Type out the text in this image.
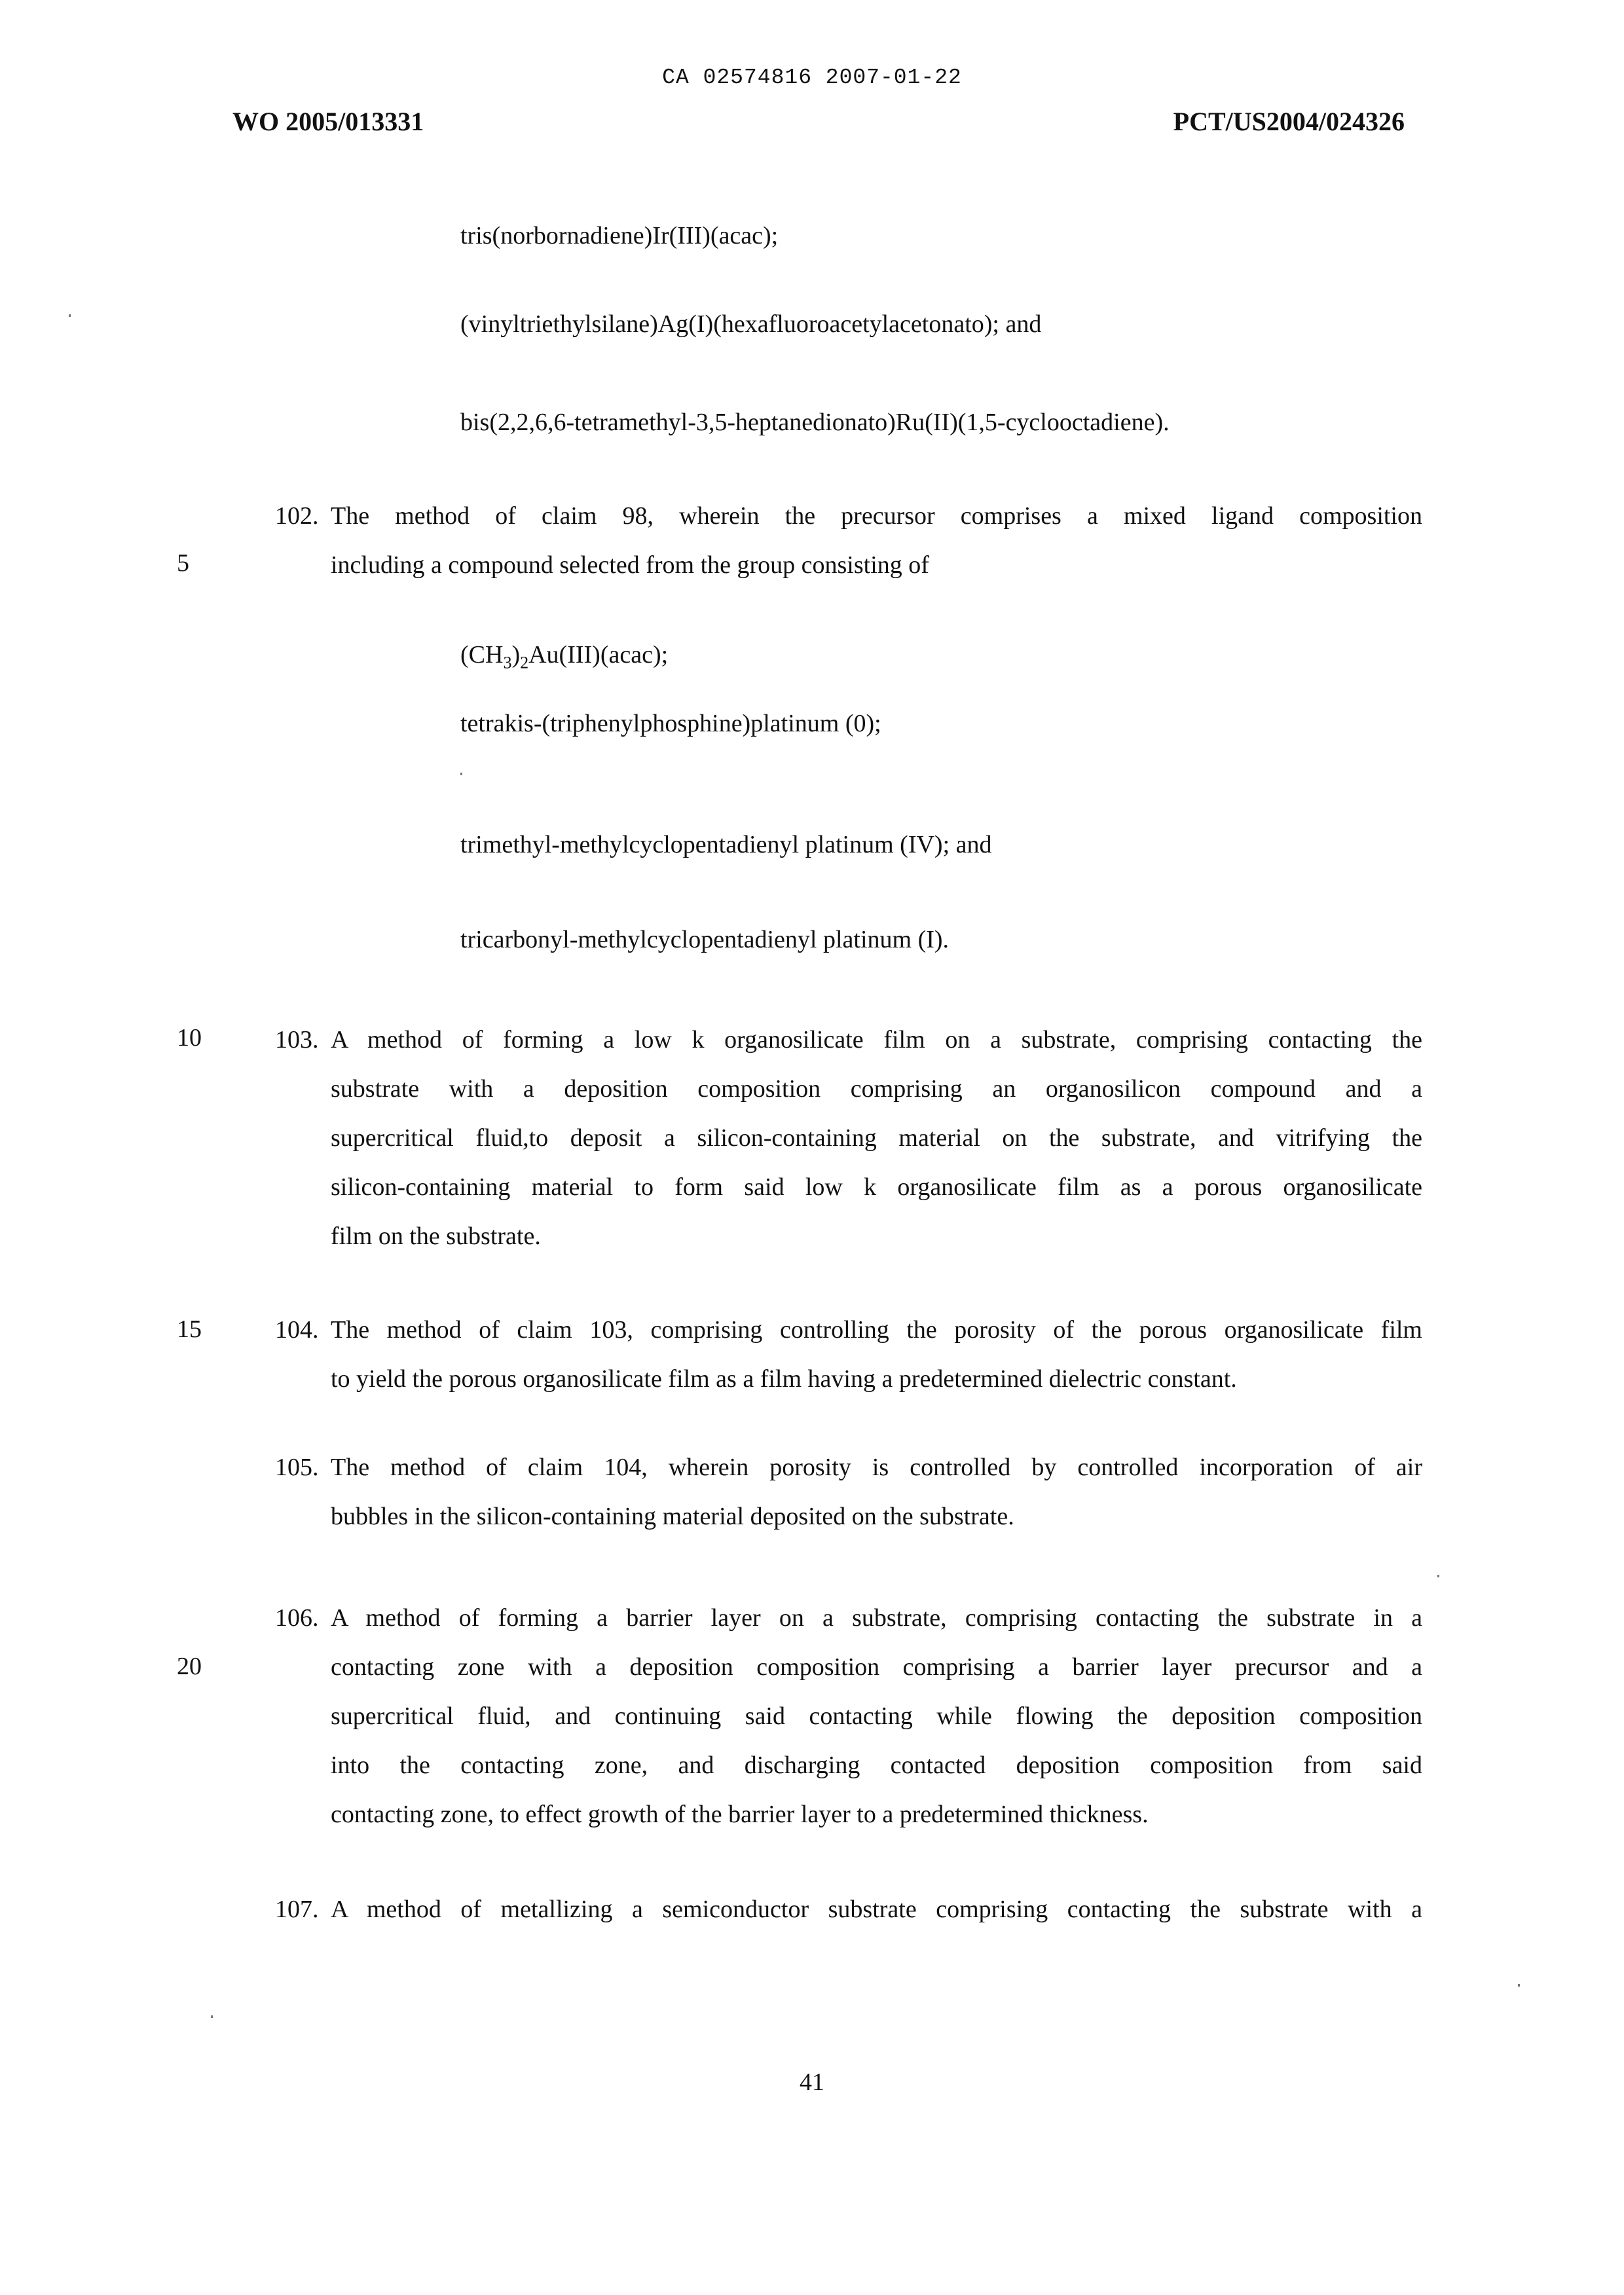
CA 02574816 2007-01-22
WO 2005/013331	PCT/US2004/024326
tris(norbornadiene)Ir(III)(acac);
(vinyltriethylsilane)Ag(I)(hexafluoroacetylacetonato); and
bis(2,2,6,6-tetramethyl-3,5-heptanedionato)Ru(II)(1,5-cyclooctadiene).
5
10
15
20
102. The method of claim 98, wherein the precursor comprises a mixed ligand composition
including a compound selected from the group consisting of
$(CH_3)_2Au(III)(acac)$;
tetrakis-(triphenylphosphine)platinum (0);
trimethyl-methylcyclopentadienyl platinum (IV); and
tricarbonyl-methylcyclopentadienyl platinum (I).
103. A method of forming a low k organosilicate film on a substrate, comprising contacting the
substrate with a deposition composition comprising an organosilicon compound and a
supercritical fluid,to deposit a silicon-containing material on the substrate, and vitrifying the
silicon-containing material to form said low k organosilicate film as a porous organosilicate
film on the substrate.
104. The method of claim 103, comprising controlling the porosity of the porous organosilicate film
to yield the porous organosilicate film as a film having a predetermined dielectric constant.
105. The method of claim 104, wherein porosity is controlled by controlled incorporation of air
bubbles in the silicon-containing material deposited on the substrate.
106. A method of forming a barrier layer on a substrate, comprising contacting the substrate in a
contacting zone with a deposition composition comprising a barrier layer precursor and a
supercritical fluid, and continuing said contacting while flowing the deposition composition
into the contacting zone, and discharging contacted deposition composition from said
contacting zone, to effect growth of the barrier layer to a predetermined thickness.
107. A method of metallizing a semiconductor substrate comprising contacting the substrate with a
41
